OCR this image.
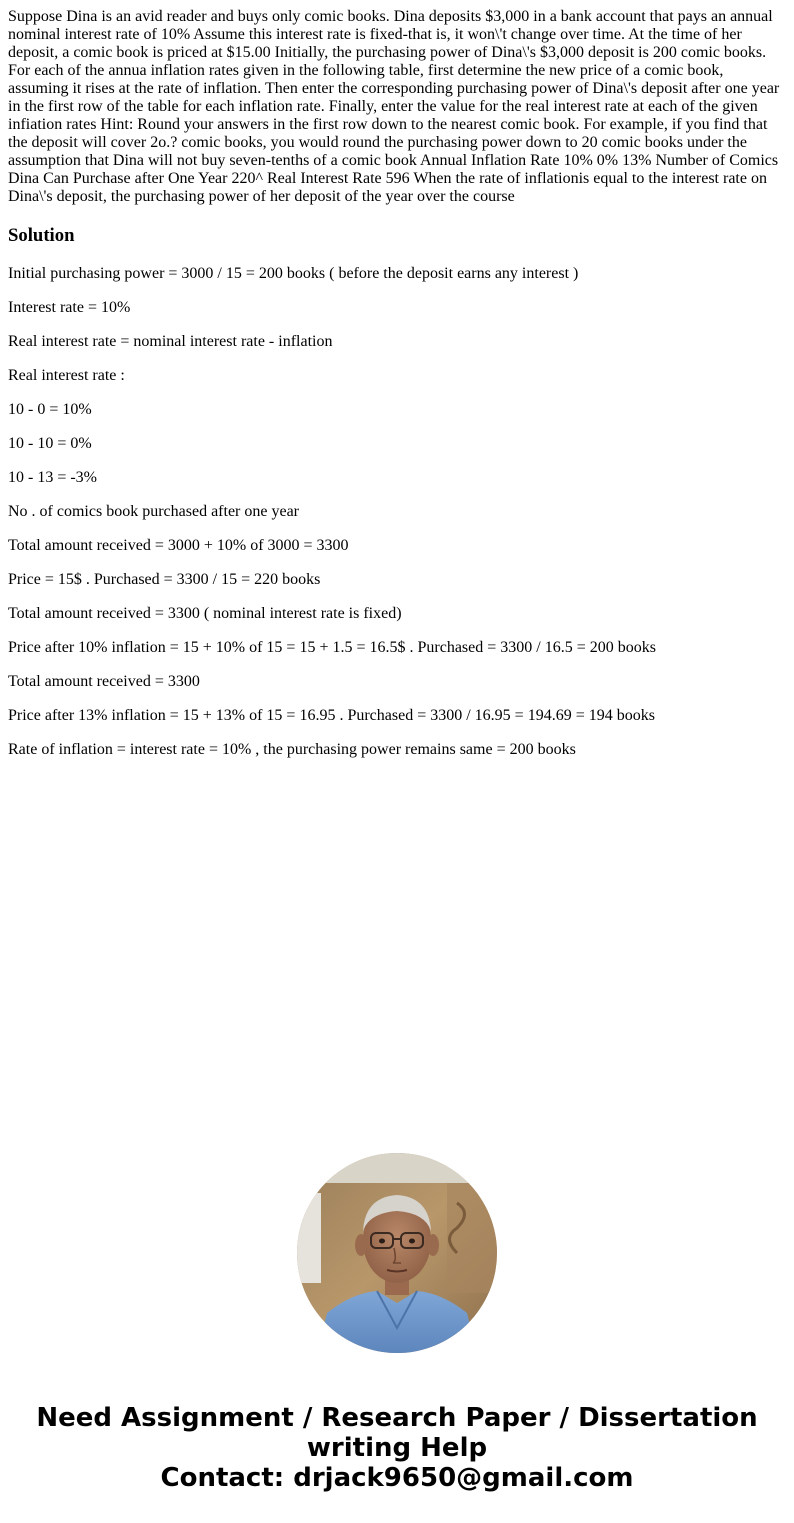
Suppose Dina is an avid reader and buys only comic books. Dina deposits $3,000 in a bank account that pays an annual nominal interest rate of 10% Assume this interest rate is fixed-that is, it won\'t change over time. At the time of her deposit, a comic book is priced at $15.00 Initially, the purchasing power of Dina\'s $3,000 deposit is 200 comic books. For each of the annua inflation rates given in the following table, first determine the new price of a comic book, assuming it rises at the rate of inflation. Then enter the corresponding purchasing power of Dina\'s deposit after one year in the first row of the table for each inflation rate. Finally, enter the value for the real interest rate at each of the given infiation rates Hint: Round your answers in the first row down to the nearest comic book. For example, if you find that the deposit will cover 2o.? comic books, you would round the purchasing power down to 20 comic books under the assumption that Dina will not buy seven-tenths of a comic book Annual Inflation Rate 10% 0% 13% Number of Comics Dina Can Purchase after One Year 220^ Real Interest Rate 596 When the rate of inflationis equal to the interest rate on Dina\'s deposit, the purchasing power of her deposit of the year over the course

Solution

Initial purchasing power = 3000 / 15 = 200 books ( before the deposit earns any interest )

Interest rate = 10%

Real interest rate = nominal interest rate - inflation

Real interest rate :

10 - 0 = 10%

10 - 10 = 0%

10 - 13 = -3%

No . of comics book purchased after one year

Total amount received = 3000 + 10% of 3000 = 3300

Price = 15$ . Purchased = 3300 / 15 = 220 books

Total amount received = 3300 ( nominal interest rate is fixed)

Price after 10% inflation = 15 + 10% of 15 = 15 + 1.5 = 16.5$ . Purchased = 3300 / 16.5 = 200 books

Total amount received = 3300

Price after 13% inflation = 15 + 13% of 15 = 16.95 . Purchased = 3300 / 16.95 = 194.69 = 194 books

Rate of inflation = interest rate = 10% , the purchasing power remains same = 200 books

Need Assignment / Research Paper / Dissertation
writing Help
Contact: drjack9650@gmail.com
